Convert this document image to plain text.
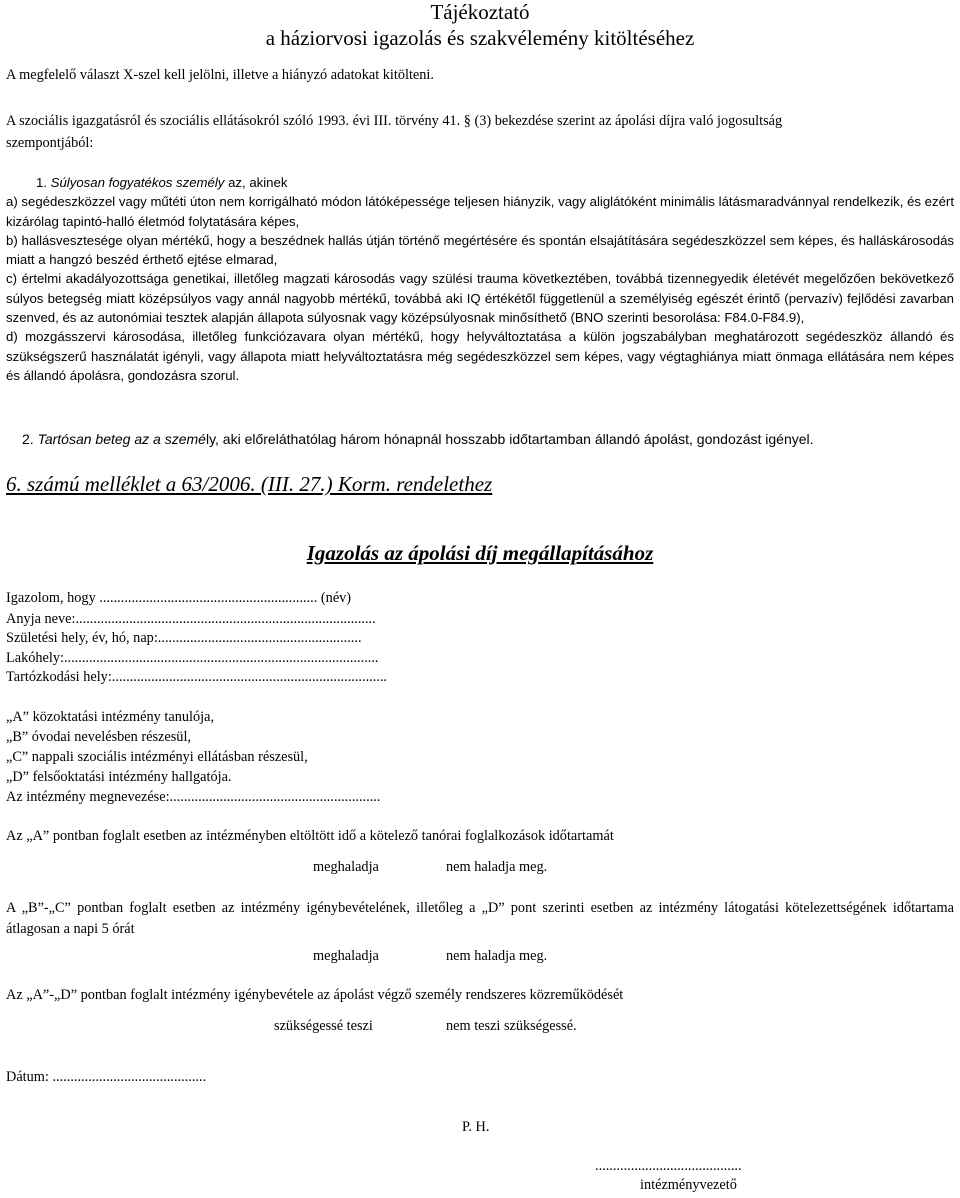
Tájékoztató
a háziorvosi igazolás és szakvélemény kitöltéséhez
A megfelelő választ X-szel kell jelölni, illetve a hiányzó adatokat kitölteni.
A szociális igazgatásról és szociális ellátásokról szóló 1993. évi III. törvény 41. § (3) bekezdése szerint az ápolási díjra való jogosultság
szempontjából:

1. Súlyosan fogyatékos személy az, akinek

a) segédeszközzel vagy műtéti úton nem korrigálható módon látóképessége teljesen hiányzik, vagy aliglátóként minimális látásmaradvánnyal rendelkezik, és ezért kizárólag tapintó-halló életmód folytatására képes,

b) hallásvesztesége olyan mértékű, hogy a beszédnek hallás útján történő megértésére és spontán elsajátítására segédeszközzel sem képes, és halláskárosodás miatt a hangzó beszéd érthető ejtése elmarad,

c) értelmi akadályozottsága genetikai, illetőleg magzati károsodás vagy szülési trauma következtében, továbbá tizennegyedik életévét megelőzően bekövetkező súlyos betegség miatt középsúlyos vagy annál nagyobb mértékű, továbbá aki IQ értékétől függetlenül a személyiség egészét érintő (pervazív) fejlődési zavarban szenved, és az autonómiai tesztek alapján állapota súlyosnak vagy középsúlyosnak minősíthető (BNO szerinti besorolása: F84.0-F84.9),

d) mozgásszervi károsodása, illetőleg funkciózavara olyan mértékű, hogy helyváltoztatása a külön jogszabályban meghatározott segédeszköz állandó és szükségszerű használatát igényli, vagy állapota miatt helyváltoztatásra még segédeszközzel sem képes, vagy végtaghiánya miatt önmaga ellátására nem képes és állandó ápolásra, gondozásra szorul.

2. Tartósan beteg az a személy, aki előreláthatólag három hónapnál hosszabb időtartamban állandó ápolást, gondozást igényel.
6. számú melléklet a 63/2006. (III. 27.) Korm. rendelethez
Igazolás az ápolási díj megállapításához
Igazolom, hogy ............................................................. (név)
Anyja neve:....................................................................................
Születési hely, év, hó, nap:.........................................................
Lakóhely:........................................................................................
Tartózkodási hely:.............................................................................
„A” közoktatási intézmény tanulója,
„B” óvodai nevelésben részesül,
„C” nappali szociális intézményi ellátásban részesül,
„D” felsőoktatási intézmény hallgatója.
Az intézmény megnevezése:...........................................................
Az „A” pontban foglalt esetben az intézményben eltöltött idő a kötelező tanórai foglalkozások időtartamát
meghaladja	nem haladja meg.
A „B”-„C” pontban foglalt esetben az intézmény igénybevételének, illetőleg a „D” pont szerinti esetben az intézmény látogatási kötelezettségének időtartama átlagosan a napi 5 órát
meghaladja	nem haladja meg.
Az „A”-„D” pontban foglalt intézmény igénybevétele az ápolást végző személy rendszeres közreműködését
szükségessé teszi	nem teszi szükségessé.
Dátum: ...........................................
P. H.
.........................................
intézményvezető
